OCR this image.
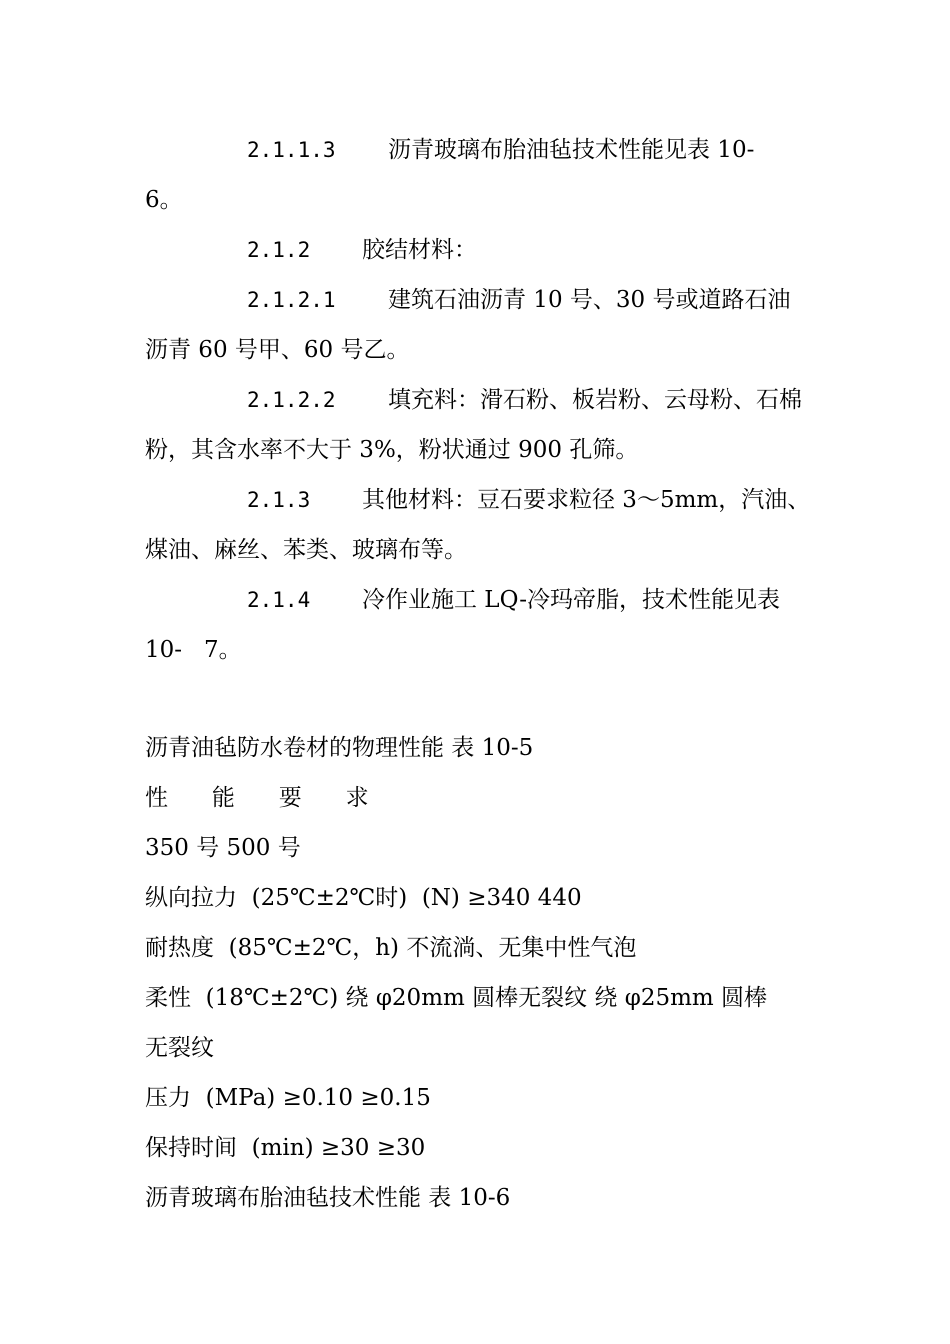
2.1.1.3 沥青玻璃布胎油毡技术性能见表 10-
6。
2.1.2 胶结材料：
2.1.2.1 建筑石油沥青 10 号、30 号或道路石油
沥青 60 号甲、60 号乙。
2.1.2.2 填充料：滑石粉、板岩粉、云母粉、石棉
粉，其含水率不大于 3%，粉状通过 900 孔筛。
2.1.3 其他材料：豆石要求粒径 3～5mm，汽油、
煤油、麻丝、苯类、玻璃布等。
2.1.4 冷作业施工 LQ-冷玛帝脂，技术性能见表
10-   7。
沥青油毡防水卷材的物理性能 表 10-5
性      能      要      求
350 号 500 号
纵向拉力  (25℃±2℃时)  (N) ≥340 440
耐热度  (85℃±2℃，h) 不流淌、无集中性气泡
柔性  (18℃±2℃) 绕 φ20mm 圆棒无裂纹 绕 φ25mm 圆棒
无裂纹
压力  (MPa) ≥0.10 ≥0.15
保持时间  (min) ≥30 ≥30
沥青玻璃布胎油毡技术性能 表 10-6
